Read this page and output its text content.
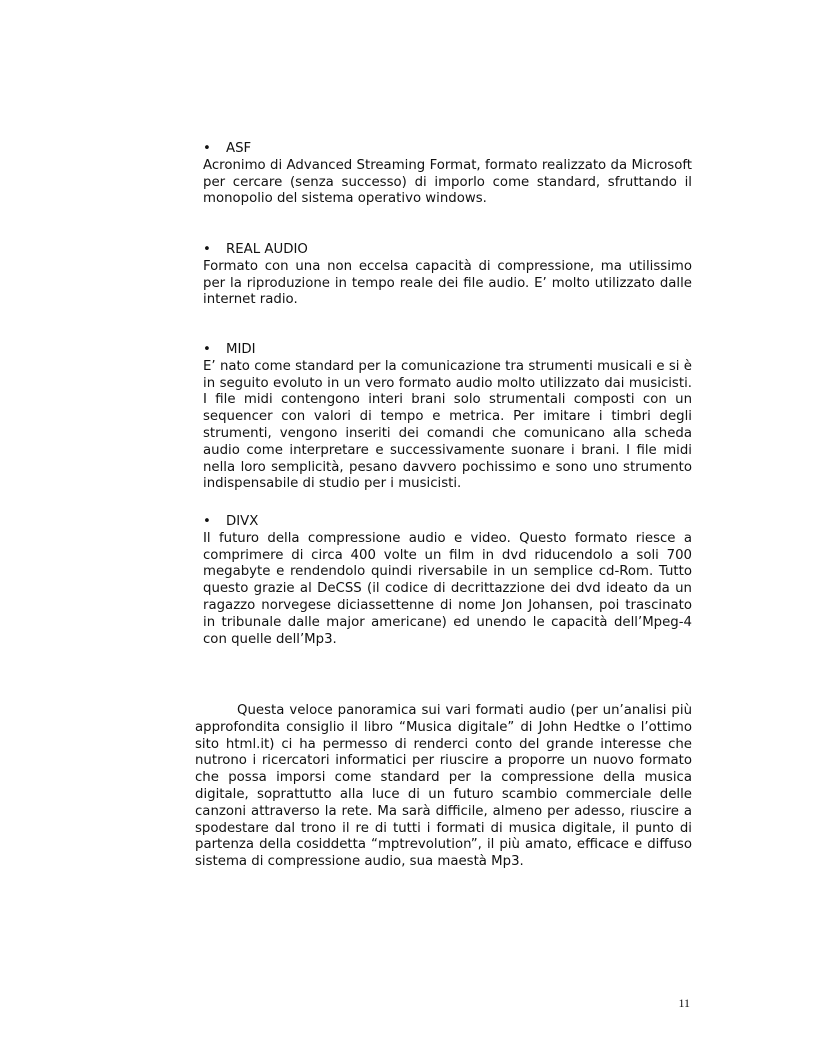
•	ASF

Acronimo di Advanced Streaming Format, formato realizzato da Microsoft per cercare (senza successo) di imporlo come standard, sfruttando il monopolio del sistema operativo windows.

•	REAL AUDIO

Formato con una non eccelsa capacità di compressione, ma utilissimo per la riproduzione in tempo reale dei file audio. E’ molto utilizzato dalle internet radio.

•	MIDI

E’ nato come standard per la comunicazione tra strumenti musicali e si è in seguito evoluto in un vero formato audio molto utilizzato dai musicisti. I file midi contengono interi brani solo strumentali composti con un sequencer con valori di tempo e metrica. Per imitare i timbri degli strumenti, vengono inseriti dei comandi che comunicano alla scheda audio come interpretare e successivamente suonare i brani. I file midi nella loro semplicità, pesano davvero pochissimo e sono uno strumento indispensabile di studio per i musicisti.

•	DIVX

Il futuro della compressione audio e video. Questo formato riesce a comprimere di circa 400 volte un film in dvd riducendolo a soli 700 megabyte e rendendolo quindi riversabile in un semplice cd-Rom. Tutto questo grazie al DeCSS (il codice di decrittazzione dei dvd ideato da un ragazzo norvegese diciassettenne di nome Jon Johansen, poi trascinato in tribunale dalle major americane) ed unendo le capacità dell’Mpeg-4 con quelle dell’Mp3.

Questa veloce panoramica sui vari formati audio (per un’analisi più approfondita consiglio il libro “Musica digitale” di John Hedtke o l’ottimo sito html.it) ci ha permesso di renderci conto del grande interesse che nutrono i ricercatori informatici per riuscire a proporre un nuovo formato che possa imporsi come standard per la compressione della musica digitale, soprattutto alla luce di un futuro scambio commerciale delle canzoni attraverso la rete. Ma sarà difficile, almeno per adesso, riuscire a spodestare dal trono il re di tutti i formati di musica digitale, il punto di partenza della cosiddetta “mptrevolution”, il più amato, efficace e diffuso sistema di compressione audio, sua maestà Mp3.

11
